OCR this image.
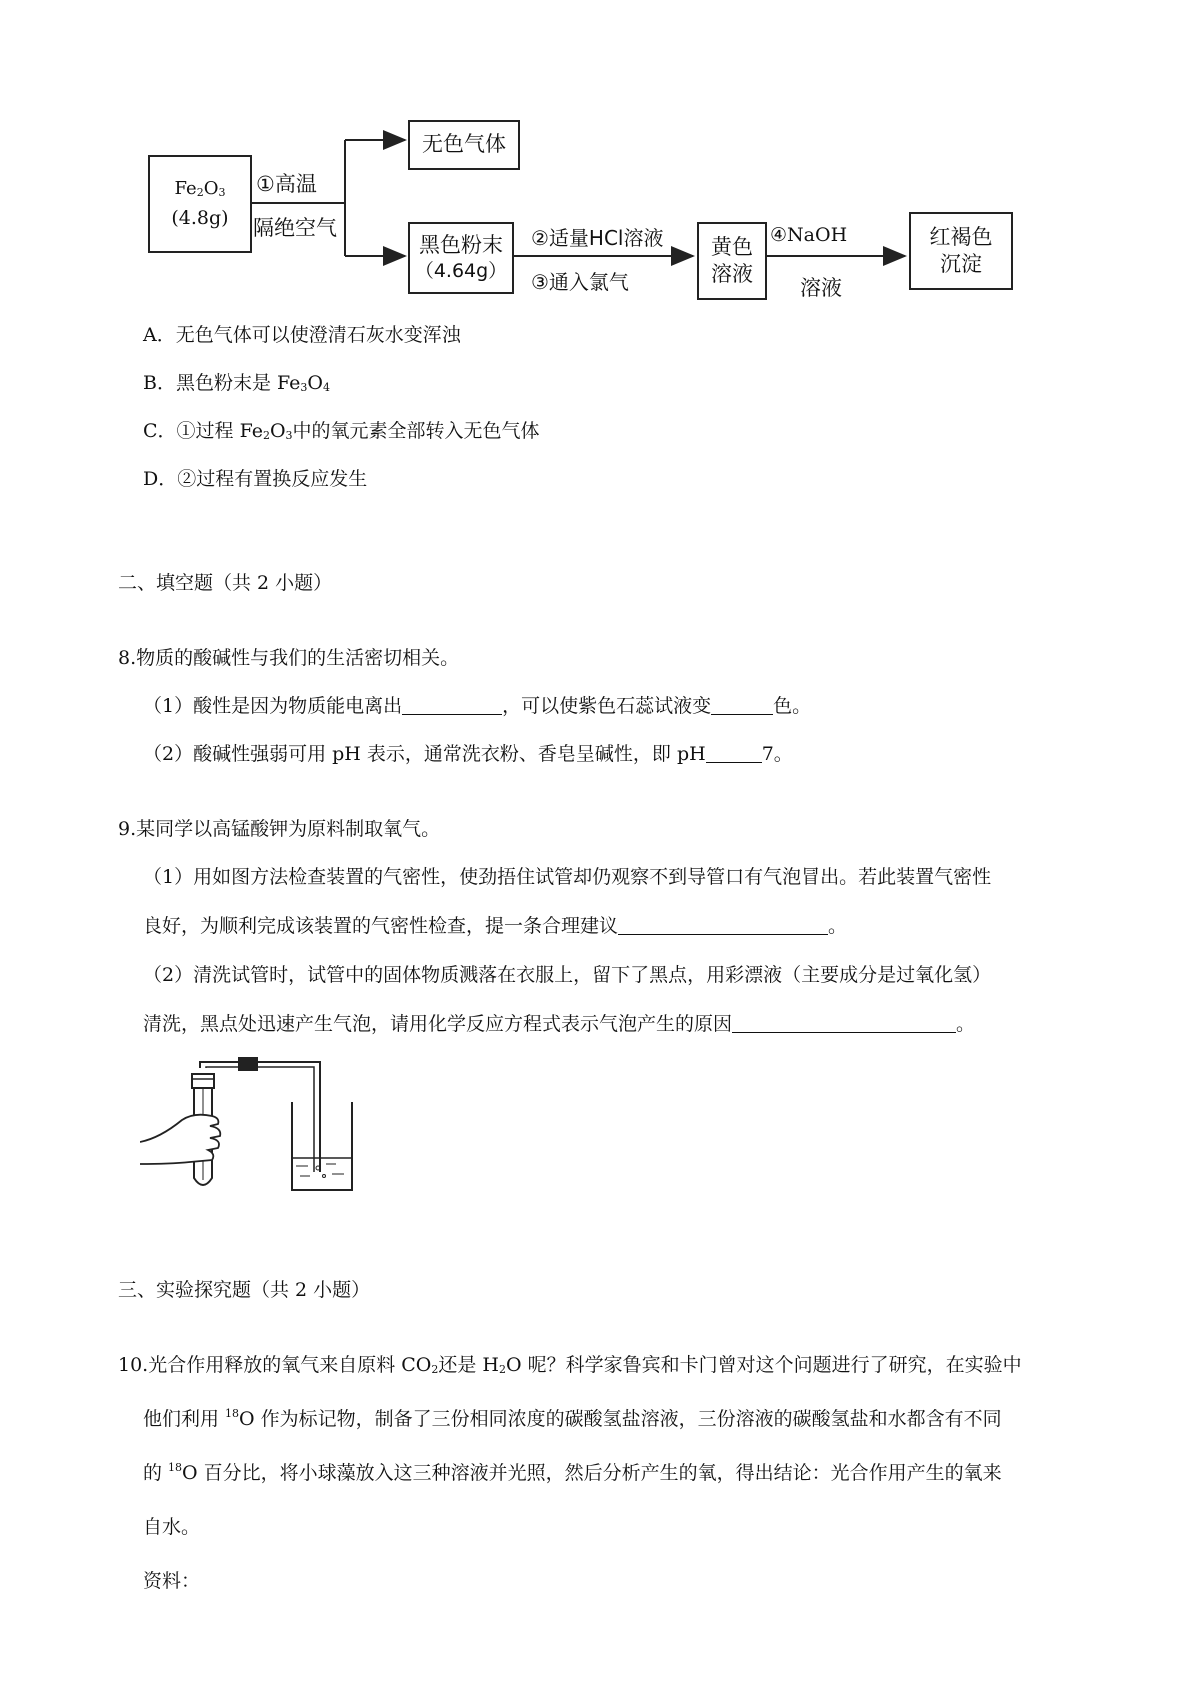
$Fe_2O_3$
(4.8g)
①高温
隔绝空气
无色气体
黑色粉末
（4.64g）
②适量HCl溶液
③通入氯气
黄色
溶液
④NaOH
溶液
红褐色
沉淀
A．无色气体可以使澄清石灰水变浑浊
B．黑色粉末是 $Fe_3O_4$
C．①过程 $Fe_2O_3$中的氧元素全部转入无色气体
D．②过程有置换反应发生
二、填空题（共 2 小题）
8.物质的酸碱性与我们的生活密切相关。
（1）酸性是因为物质能电离出	，可以使紫色石蕊试液变	色。
（2）酸碱性强弱可用 pH 表示，通常洗衣粉、香皂呈碱性，即 pH	7。
9.某同学以高锰酸钾为原料制取氧气。
（1）用如图方法检查装置的气密性，使劲捂住试管却仍观察不到导管口有气泡冒出。若此装置气密性
良好，为顺利完成该装置的气密性检查，提一条合理建议	。
（2）清洗试管时，试管中的固体物质溅落在衣服上，留下了黑点，用彩漂液（主要成分是过氧化氢）
清洗，黑点处迅速产生气泡，请用化学反应方程式表示气泡产生的原因	。
三、实验探究题（共 2 小题）
10.光合作用释放的氧气来自原料 $CO_2$还是 $H_2O$ 呢？科学家鲁宾和卡门曾对这个问题进行了研究，在实验中
他们利用 $^{18}$O 作为标记物，制备了三份相同浓度的碳酸氢盐溶液，三份溶液的碳酸氢盐和水都含有不同
的 $^{18}$O 百分比，将小球藻放入这三种溶液并光照，然后分析产生的氧，得出结论：光合作用产生的氧来
自水。
资料：
